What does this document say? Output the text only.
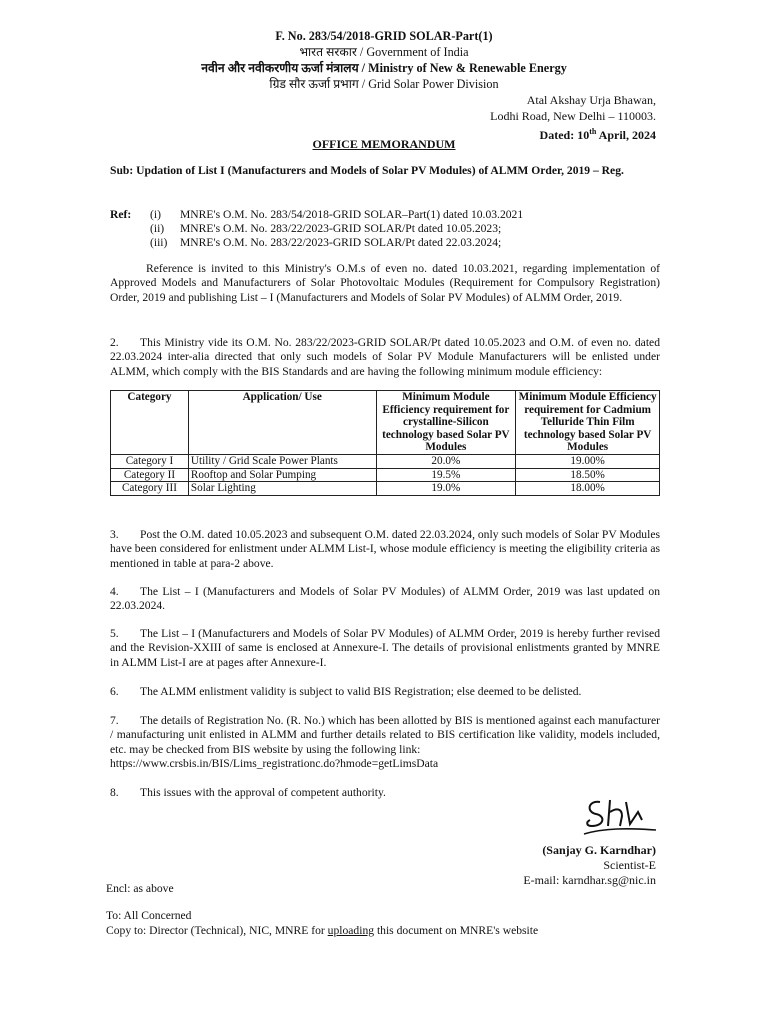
F. No. 283/54/2018-GRID SOLAR-Part(1)
भारत सरकार / Government of India
नवीन और नवीकरणीय ऊर्जा मंत्रालय / Ministry of New & Renewable Energy
ग्रिड सौर ऊर्जा प्रभाग / Grid Solar Power Division
Atal Akshay Urja Bhawan,
Lodhi Road, New Delhi – 110003.
Dated: 10th April, 2024
OFFICE MEMORANDUM
Sub: Updation of List I (Manufacturers and Models of Solar PV Modules) of ALMM Order, 2019 – Reg.
Ref: (i) MNRE's O.M. No. 283/54/2018-GRID SOLAR–Part(1) dated 10.03.2021
(ii) MNRE's O.M. No. 283/22/2023-GRID SOLAR/Pt dated 10.05.2023;
(iii) MNRE's O.M. No. 283/22/2023-GRID SOLAR/Pt dated 22.03.2024;
Reference is invited to this Ministry's O.M.s of even no. dated 10.03.2021, regarding implementation of Approved Models and Manufacturers of Solar Photovoltaic Modules (Requirement for Compulsory Registration) Order, 2019 and publishing List – I (Manufacturers and Models of Solar PV Modules) of ALMM Order, 2019.
2. This Ministry vide its O.M. No. 283/22/2023-GRID SOLAR/Pt dated 10.05.2023 and O.M. of even no. dated 22.03.2024 inter-alia directed that only such models of Solar PV Module Manufacturers will be enlisted under ALMM, which comply with the BIS Standards and are having the following minimum module efficiency:
Category	Application/ Use	Minimum Module Efficiency requirement for crystalline-Silicon technology based Solar PV Modules	Minimum Module Efficiency requirement for Cadmium Telluride Thin Film technology based Solar PV Modules
Category I	Utility / Grid Scale Power Plants	20.0%	19.00%
Category II	Rooftop and Solar Pumping	19.5%	18.50%
Category III	Solar Lighting	19.0%	18.00%
3. Post the O.M. dated 10.05.2023 and subsequent O.M. dated 22.03.2024, only such models of Solar PV Modules have been considered for enlistment under ALMM List-I, whose module efficiency is meeting the eligibility criteria as mentioned in table at para-2 above.
4. The List – I (Manufacturers and Models of Solar PV Modules) of ALMM Order, 2019 was last updated on 22.03.2024.
5. The List – I (Manufacturers and Models of Solar PV Modules) of ALMM Order, 2019 is hereby further revised and the Revision-XXIII of same is enclosed at Annexure-I. The details of provisional enlistments granted by MNRE in ALMM List-I are at pages after Annexure-I.
6. The ALMM enlistment validity is subject to valid BIS Registration; else deemed to be delisted.
7. The details of Registration No. (R. No.) which has been allotted by BIS is mentioned against each manufacturer / manufacturing unit enlisted in ALMM and further details related to BIS certification like validity, models included, etc. may be checked from BIS website by using the following link:
https://www.crsbis.in/BIS/Lims_registrationc.do?hmode=getLimsData
8. This issues with the approval of competent authority.
(Sanjay G. Karndhar)
Scientist-E
E-mail: karndhar.sg@nic.in
Encl: as above
To: All Concerned
Copy to: Director (Technical), NIC, MNRE for uploading this document on MNRE's website
